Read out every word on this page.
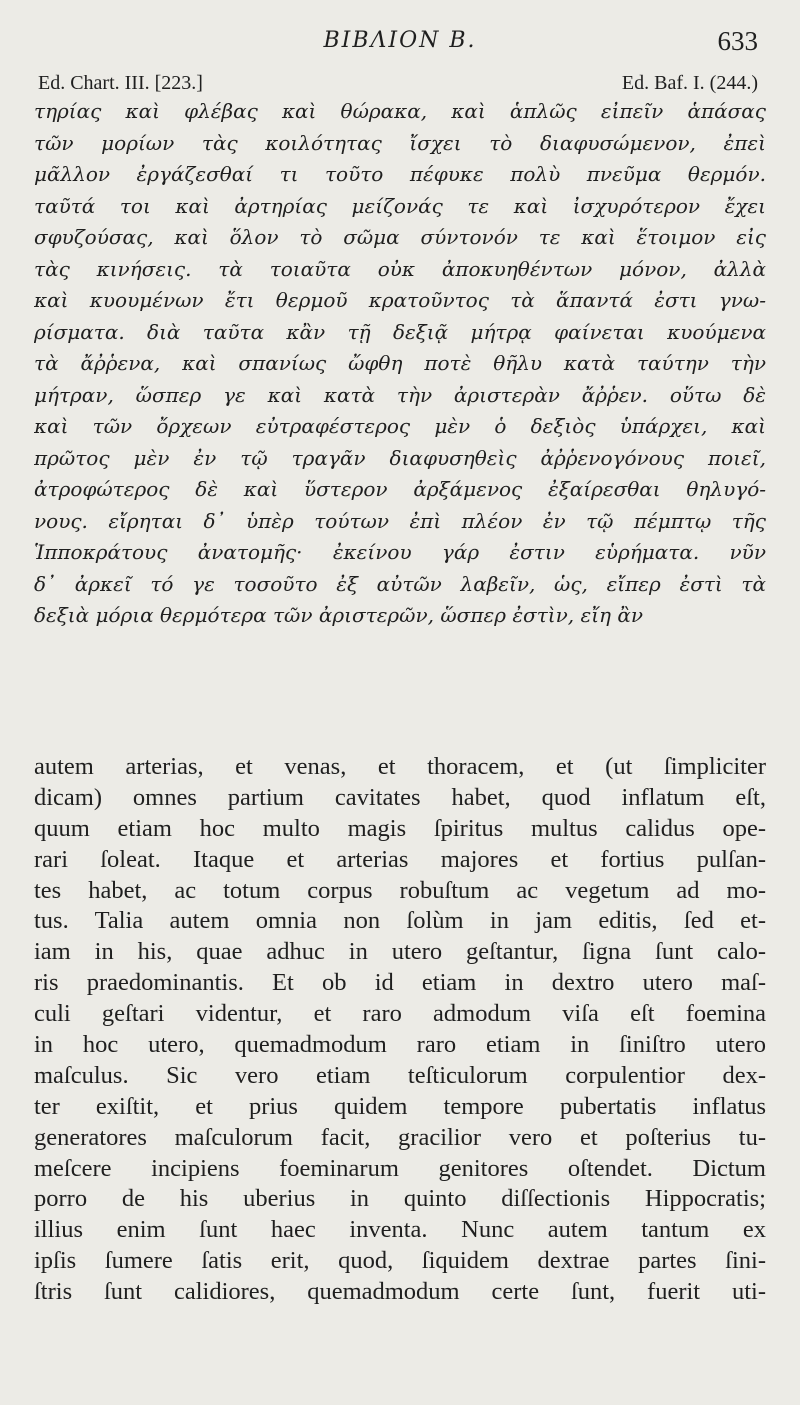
ΒΙΒΛΙΟΝ Β.	633
Ed. Chart. III. [223.]	Ed. Baf. I. (244.)
τηρίας καὶ φλέβας καὶ θώρακα, καὶ ἁπλῶς εἰπεῖν ἁπάσας
τῶν μορίων τὰς κοιλότητας ἴσχει τὸ διαφυσώμενον, ἐπεὶ
μᾶλλον ἐργάζεσθαί τι τοῦτο πέφυκε πολὺ πνεῦμα θερμόν.
ταῦτά τοι καὶ ἀρτηρίας μείζονάς τε καὶ ἰσχυρότερον ἔχει
σφυζούσας, καὶ ὅλον τὸ σῶμα σύντονόν τε καὶ ἕτοιμον εἰς
τὰς κινήσεις. τὰ τοιαῦτα οὐκ ἀποκυηθέντων μόνον, ἀλλὰ
καὶ κυουμένων ἔτι θερμοῦ κρατοῦντος τὰ ἅπαντά ἐστι γνω-
ρίσματα. διὰ ταῦτα κἂν τῇ δεξιᾷ μήτρᾳ φαίνεται κυούμενα
τὰ ἄῤῥενα, καὶ σπανίως ὤφθη ποτὲ θῆλυ κατὰ ταύτην τὴν
μήτραν, ὥσπερ γε καὶ κατὰ τὴν ἀριστερὰν ἄῤῥεν. οὕτω δὲ
καὶ τῶν ὄρχεων εὐτραφέστερος μὲν ὁ δεξιὸς ὑπάρχει, καὶ
πρῶτος μὲν ἐν τῷ τραγᾶν διαφυσηθεὶς ἀῤῥενογόνους ποιεῖ,
ἀτροφώτερος δὲ καὶ ὕστερον ἀρξάμενος ἐξαίρεσθαι θηλυγό-
νους. εἴρηται δ᾽ ὑπὲρ τούτων ἐπὶ πλέον ἐν τῷ πέμπτῳ τῆς
Ἱπποκράτους ἀνατομῆς· ἐκείνου γάρ ἐστιν εὑρήματα. νῦν
δ᾽ ἀρκεῖ τό γε τοσοῦτο ἐξ αὐτῶν λαβεῖν, ὡς, εἴπερ ἐστὶ τὰ
δεξιὰ μόρια θερμότερα τῶν ἀριστερῶν, ὥσπερ ἐστὶν, εἴη ἂν
autem arterias, et venas, et thoracem, et (ut ſimpliciter
dicam) omnes partium cavitates habet, quod inflatum eſt,
quum etiam hoc multo magis ſpiritus multus calidus ope-
rari ſoleat. Itaque et arterias majores et fortius pulſan-
tes habet, ac totum corpus robuſtum ac vegetum ad mo-
tus. Talia autem omnia non ſolùm in jam editis, ſed et-
iam in his, quae adhuc in utero geſtantur, ſigna ſunt calo-
ris praedominantis. Et ob id etiam in dextro utero maſ-
culi geſtari videntur, et raro admodum viſa eſt foemina
in hoc utero, quemadmodum raro etiam in ſiniſtro utero
maſculus. Sic vero etiam teſticulorum corpulentior dex-
ter exiſtit, et prius quidem tempore pubertatis inflatus
generatores maſculorum facit, gracilior vero et poſterius tu-
meſcere incipiens foeminarum genitores oſtendet. Dictum
porro de his uberius in quinto diſſectionis Hippocratis;
illius enim ſunt haec inventa. Nunc autem tantum ex
ipſis ſumere ſatis erit, quod, ſiquidem dextrae partes ſini-
ſtris ſunt calidiores, quemadmodum certe ſunt, fuerit uti-
